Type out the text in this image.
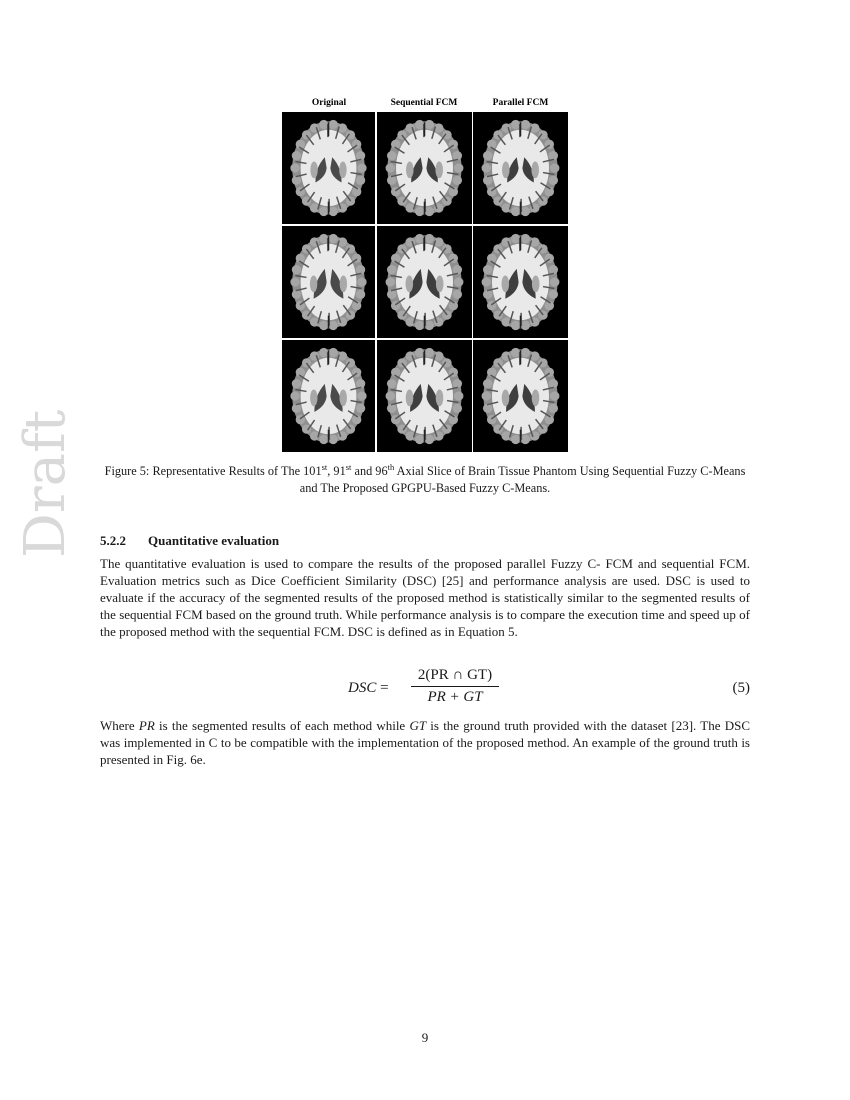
Draft
Original	Sequential FCM	Parallel FCM
Figure 5: Representative Results of The 101st, 91st and 96th Axial Slice of Brain Tissue Phantom Using Sequential Fuzzy C-Means and The Proposed GPGPU-Based Fuzzy C-Means.
5.2.2 Quantitative evaluation
The quantitative evaluation is used to compare the results of the proposed parallel Fuzzy C- FCM and sequential FCM. Evaluation metrics such as Dice Coefficient Similarity (DSC) [25] and performance analysis are used. DSC is used to evaluate if the accuracy of the segmented results of the proposed method is statistically similar to the segmented results of the sequential FCM based on the ground truth. While performance analysis is to compare the execution time and speed up of the proposed method with the sequential FCM. DSC is defined as in Equation 5.
DSC =
2(PR ∩ GT)
PR + GT
(5)
Where PR is the segmented results of each method while GT is the ground truth provided with the dataset [23]. The DSC was implemented in C to be compatible with the implementation of the proposed method. An example of the ground truth is presented in Fig. 6e.
9
